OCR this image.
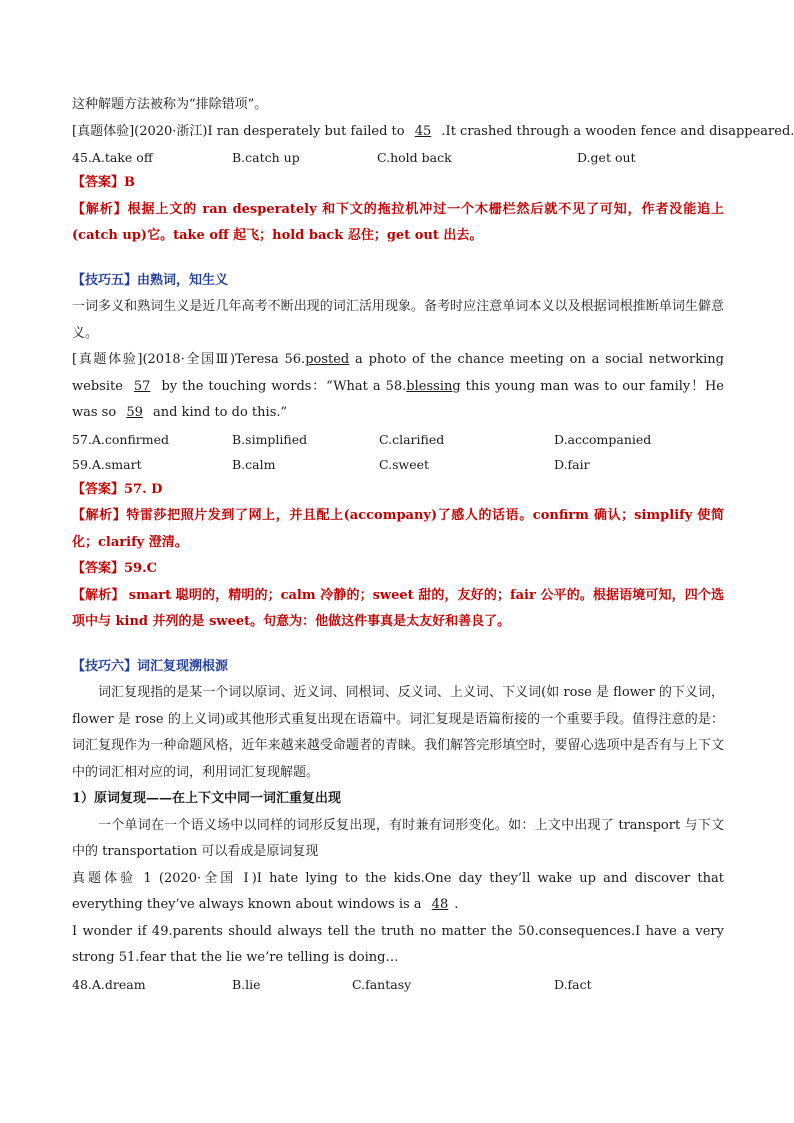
这种解题方法被称为“排除错项”。
[真题体验](2020·浙江)I ran desperately but failed to 45 .It crashed through a wooden fence and disappeared.
45.A.take off	B.catch up	C.hold back	D.get out
【答案】B
【解析】根据上文的 ran desperately 和下文的拖拉机冲过一个木栅栏然后就不见了可知，作者没能追上(catch up)它。take off 起飞；hold back 忍住；get out 出去。
【技巧五】由熟词，知生义
一词多义和熟词生义是近几年高考不断出现的词汇活用现象。备考时应注意单词本义以及根据词根推断单词生僻意义。
[真题体验](2018·全国Ⅲ)Teresa 56.posted a photo of the chance meeting on a social networking website 57 by the touching words：“What a 58.blessing this young man was to our family！He was so 59 and kind to do this.”
57.A.confirmed	B.simplified	C.clarified	D.accompanied
59.A.smart	B.calm	C.sweet	D.fair
【答案】57. D
【解析】特雷莎把照片发到了网上，并且配上(accompany)了感人的话语。confirm 确认；simplify 使简化；clarify 澄清。
【答案】59.C
【解析】 smart 聪明的，精明的；calm 冷静的；sweet 甜的，友好的；fair 公平的。根据语境可知，四个选项中与 kind 并列的是 sweet。句意为：他做这件事真是太友好和善良了。
【技巧六】词汇复现溯根源
词汇复现指的是某一个词以原词、近义词、同根词、反义词、上义词、下义词(如 rose 是 flower 的下义词，flower 是 rose 的上义词)或其他形式重复出现在语篇中。词汇复现是语篇衔接的一个重要手段。值得注意的是：词汇复现作为一种命题风格，近年来越来越受命题者的青睐。我们解答完形填空时，要留心选项中是否有与上下文中的词汇相对应的词，利用词汇复现解题。
1）原词复现——在上下文中同一词汇重复出现
一个单词在一个语义场中以同样的词形反复出现，有时兼有词形变化。如：上文中出现了 transport 与下文中的 transportation 可以看成是原词复现
真题体验 1 (2020·全国 Ⅰ)I hate lying to the kids.One day they’ll wake up and discover that everything they’ve always known about windows is a 48 .
I wonder if 49.parents should always tell the truth no matter the 50.consequences.I have a very strong 51.fear that the lie we’re telling is doing…
48.A.dream	B.lie	C.fantasy	D.fact
